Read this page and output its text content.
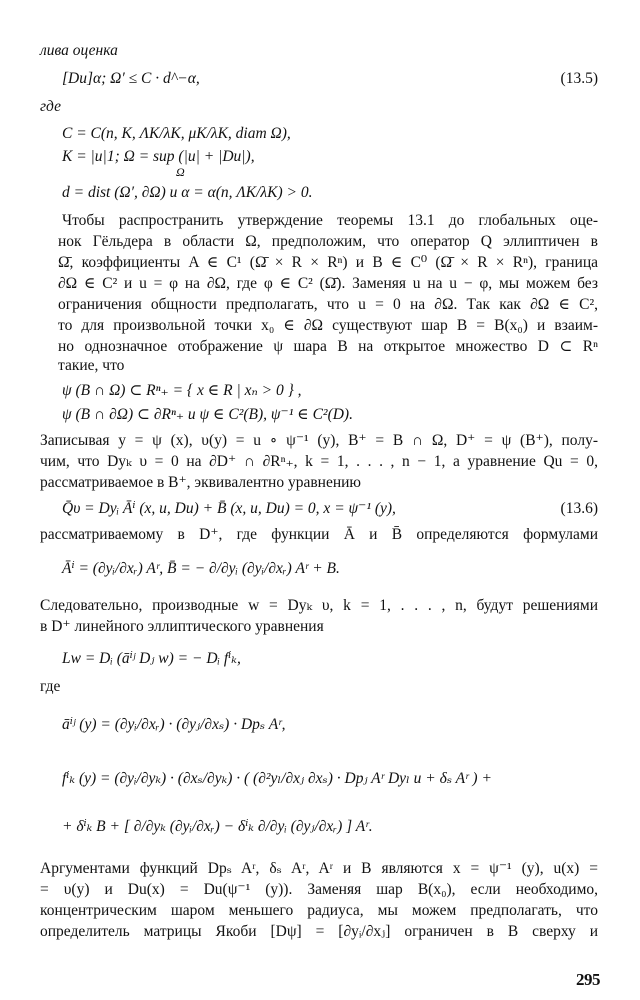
лива оценка
[Du]α; Ω′ ≤ C · d^−α,	(13.5)
где
C = C(n, K, ΛK/λK, μK/λK, diam Ω),
K = |u|1; Ω = sup (|u| + |Du|),
Ω
d = dist (Ω′, ∂Ω) и α = α(n, ΛK/λK) > 0.
Чтобы распространить утверждение теоремы 13.1 до глобальных оце-
нок Гёльдера в области Ω, предположим, что оператор Q эллиптичен в
Ω̄, коэффициенты A ∈ C¹ (Ω̄ × R × Rⁿ) и B ∈ C⁰ (Ω̄ × R × Rⁿ), граница
∂Ω ∈ C² и u = φ на ∂Ω, где φ ∈ C² (Ω̄). Заменяя u на u − φ, мы можем без
ограничения общности предполагать, что u = 0 на ∂Ω. Так как ∂Ω ∈ C²,
то для произвольной точки x₀ ∈ ∂Ω существуют шар B = B(x₀) и взаим-
но однозначное отображение ψ шара B на открытое множество D ⊂ Rⁿ
такие, что
ψ (B ∩ Ω) ⊂ Rⁿ₊ = { x ∈ R | xₙ > 0 } ,
ψ (B ∩ ∂Ω) ⊂ ∂Rⁿ₊ и ψ ∈ C²(B), ψ⁻¹ ∈ C²(D).
Записывая y = ψ (x), υ(y) = u ∘ ψ⁻¹ (y), B⁺ = B ∩ Ω, D⁺ = ψ (B⁺), полу-
чим, что Dyₖ υ = 0 на ∂D⁺ ∩ ∂Rⁿ₊, k = 1, . . . , n − 1, а уравнение Qu = 0,
рассматриваемое в B⁺, эквивалентно уравнению
Q̄υ = Dyᵢ Āⁱ (x, u, Du) + B̄ (x, u, Du) = 0, x = ψ⁻¹ (y),	(13.6)
рассматриваемому в D⁺, где функции Ā и B̄ определяются формулами
Āⁱ = (∂yᵢ/∂xᵣ) Aʳ, B̄ = − ∂/∂yᵢ (∂yᵢ/∂xᵣ) Aʳ + B.
Следовательно, производные w = Dyₖ υ, k = 1, . . . , n, будут решениями
в D⁺ линейного эллиптического уравнения
Lw = Dᵢ (āⁱʲ Dⱼ w) = − Dᵢ fⁱₖ,
где
āⁱʲ (y) = (∂yᵢ/∂xᵣ) · (∂yⱼ/∂xₛ) · Dpₛ Aʳ,
fⁱₖ (y) = (∂yᵢ/∂yₖ) · (∂xₛ/∂yₖ) · ( (∂²yₗ/∂xⱼ ∂xₛ) · Dpⱼ Aʳ Dyₗ u + δₛ Aʳ ) +
+ δⁱₖ B + [ ∂/∂yₖ (∂yᵢ/∂xᵣ) − δⁱₖ ∂/∂yᵢ (∂yⱼ/∂xᵣ) ] Aʳ.
Аргументами функций Dpₛ Aʳ, δₛ Aʳ, Aʳ и B являются x = ψ⁻¹ (y), u(x) =
= υ(y) и Du(x) = Du(ψ⁻¹ (y)). Заменяя шар B(x₀), если необходимо,
концентрическим шаром меньшего радиуса, мы можем предполагать, что
определитель матрицы Якоби [Dψ] = [∂yᵢ/∂xⱼ] ограничен в B сверху и
295
